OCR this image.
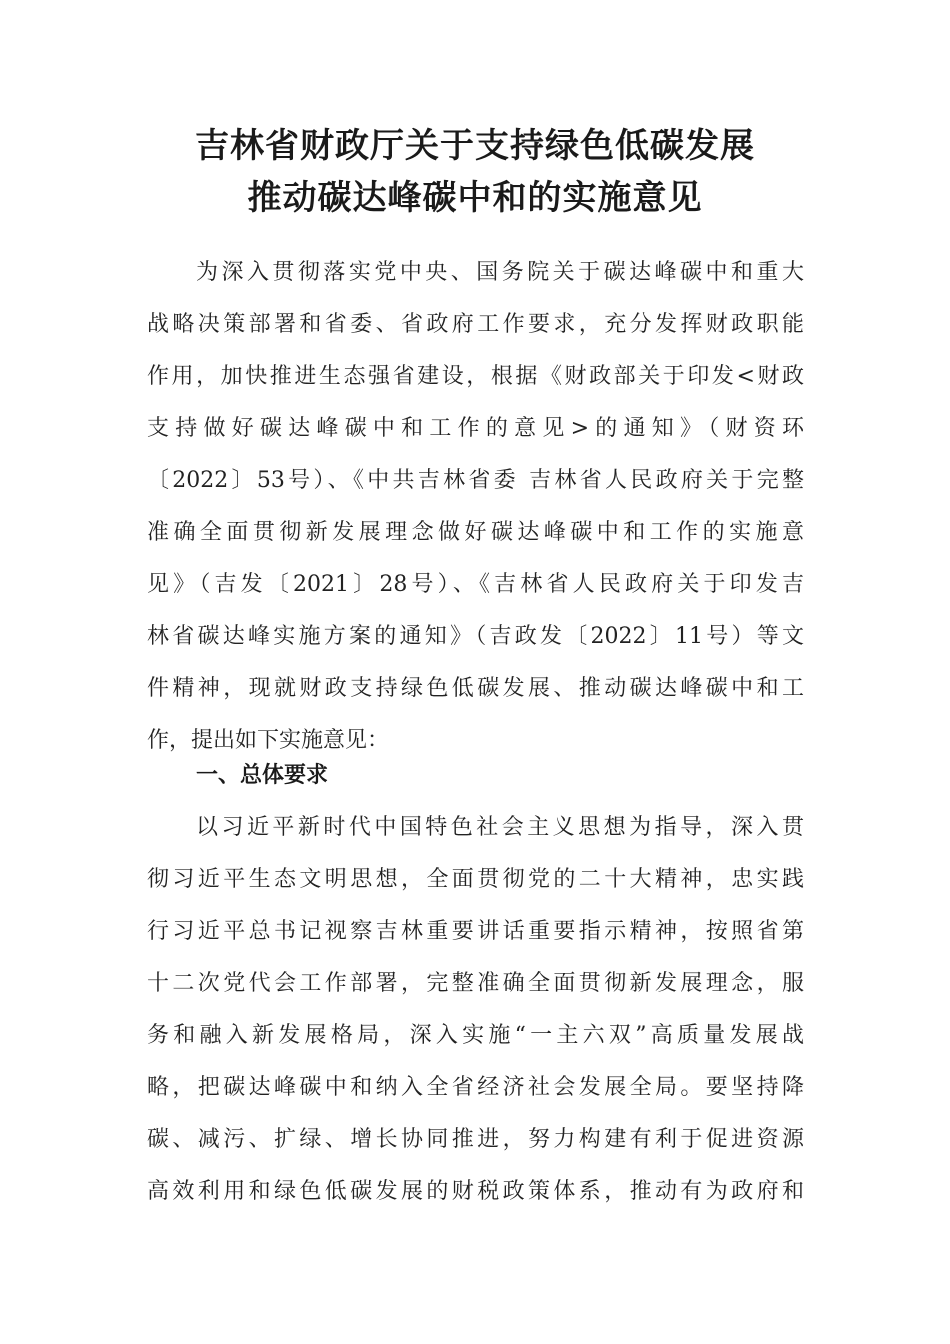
吉林省财政厅关于支持绿色低碳发展
推动碳达峰碳中和的实施意见
为深入贯彻落实党中央、国务院关于碳达峰碳中和重大
战略决策部署和省委、省政府工作要求，充分发挥财政职能
作用，加快推进生态强省建设，根据《财政部关于印发<财政
支持做好碳达峰碳中和工作的意见>的通知》（财资环
〔2022〕53号）、《中共吉林省委 吉林省人民政府关于完整
准确全面贯彻新发展理念做好碳达峰碳中和工作的实施意
见》（吉发〔2021〕28号）、《吉林省人民政府关于印发吉
林省碳达峰实施方案的通知》（吉政发〔2022〕11号）等文
件精神，现就财政支持绿色低碳发展、推动碳达峰碳中和工
作，提出如下实施意见：
一、总体要求
以习近平新时代中国特色社会主义思想为指导，深入贯
彻习近平生态文明思想，全面贯彻党的二十大精神，忠实践
行习近平总书记视察吉林重要讲话重要指示精神，按照省第
十二次党代会工作部署，完整准确全面贯彻新发展理念，服
务和融入新发展格局，深入实施“一主六双”高质量发展战
略，把碳达峰碳中和纳入全省经济社会发展全局。要坚持降
碳、减污、扩绿、增长协同推进，努力构建有利于促进资源
高效利用和绿色低碳发展的财税政策体系，推动有为政府和
